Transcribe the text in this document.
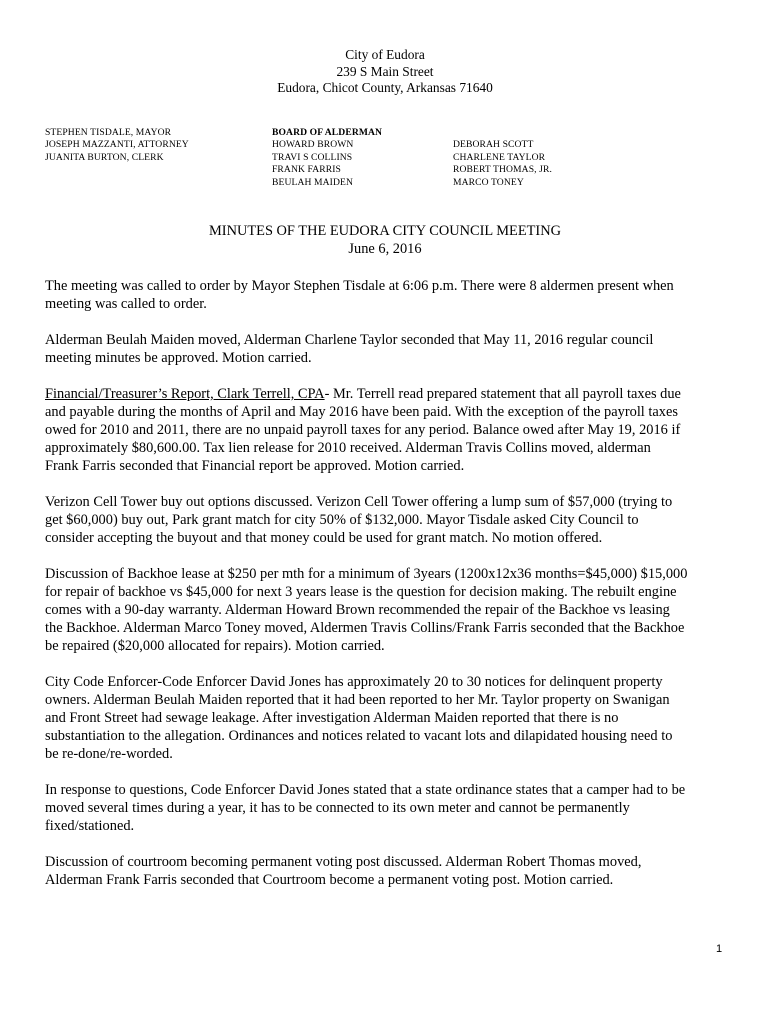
City of Eudora
239 S Main Street
Eudora, Chicot County, Arkansas 71640
STEPHEN TISDALE, MAYOR
JOSEPH MAZZANTI, ATTORNEY
JUANITA BURTON, CLERK
BOARD OF ALDERMAN
HOWARD BROWN
TRAVI S COLLINS
FRANK FARRIS
BEULAH MAIDEN
DEBORAH SCOTT
CHARLENE TAYLOR
ROBERT THOMAS, JR.
MARCO TONEY
MINUTES OF THE EUDORA CITY COUNCIL MEETING
June 6, 2016
The meeting was called to order by Mayor Stephen Tisdale at 6:06 p.m. There were 8 aldermen present when
meeting was called to order.
Alderman Beulah Maiden moved, Alderman Charlene Taylor seconded that May 11, 2016 regular council
meeting minutes be approved. Motion carried.
Financial/Treasurer’s Report, Clark Terrell, CPA- Mr. Terrell read prepared statement that all payroll taxes due
and payable during the months of April and May 2016 have been paid. With the exception of the payroll taxes
owed for 2010 and 2011, there are no unpaid payroll taxes for any period. Balance owed after May 19, 2016 if
approximately $80,600.00. Tax lien release for 2010 received. Alderman Travis Collins moved, alderman
Frank Farris seconded that Financial report be approved. Motion carried.
Verizon Cell Tower buy out options discussed. Verizon Cell Tower offering a lump sum of $57,000 (trying to
get $60,000) buy out, Park grant match for city 50% of $132,000. Mayor Tisdale asked City Council to
consider accepting the buyout and that money could be used for grant match. No motion offered.
Discussion of Backhoe lease at $250 per mth for a minimum of 3years (1200x12x36 months=$45,000) $15,000
for repair of backhoe vs $45,000 for next 3 years lease is the question for decision making. The rebuilt engine
comes with a 90-day warranty. Alderman Howard Brown recommended the repair of the Backhoe vs leasing
the Backhoe. Alderman Marco Toney moved, Aldermen Travis Collins/Frank Farris seconded that the Backhoe
be repaired ($20,000 allocated for repairs). Motion carried.
City Code Enforcer-Code Enforcer David Jones has approximately 20 to 30 notices for delinquent property
owners. Alderman Beulah Maiden reported that it had been reported to her Mr. Taylor property on Swanigan
and Front Street had sewage leakage. After investigation Alderman Maiden reported that there is no
substantiation to the allegation. Ordinances and notices related to vacant lots and dilapidated housing need to
be re-done/re-worded.
In response to questions, Code Enforcer David Jones stated that a state ordinance states that a camper had to be
moved several times during a year, it has to be connected to its own meter and cannot be permanently
fixed/stationed.
Discussion of courtroom becoming permanent voting post discussed. Alderman Robert Thomas moved,
Alderman Frank Farris seconded that Courtroom become a permanent voting post. Motion carried.
1
